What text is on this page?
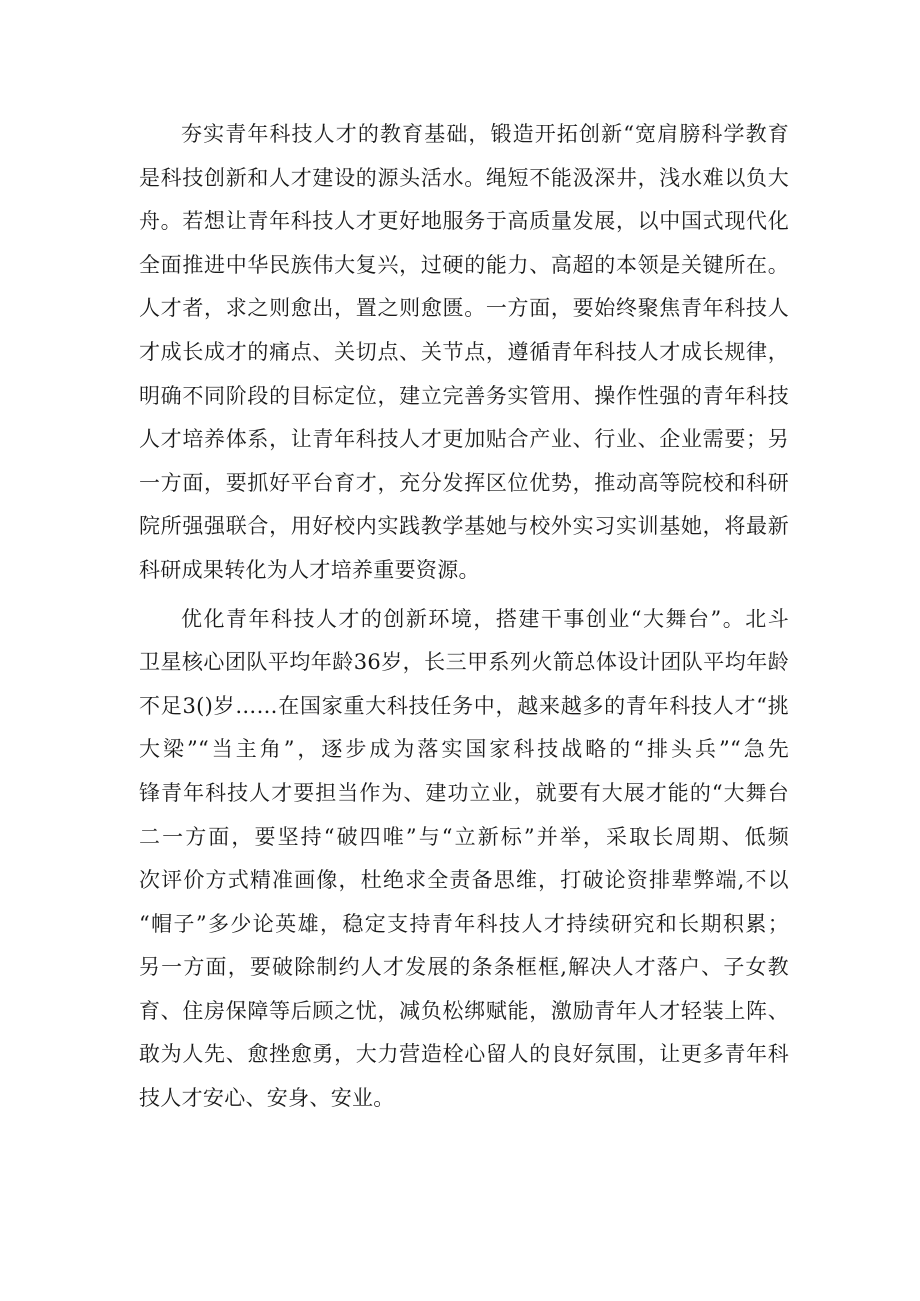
夯实青年科技人才的教育基础，锻造开拓创新“宽肩膀科学教育
是科技创新和人才建设的源头活水。绳短不能汲深井，浅水难以负大
舟。若想让青年科技人才更好地服务于高质量发展，以中国式现代化
全面推进中华民族伟大复兴，过硬的能力、高超的本领是关键所在。
人才者，求之则愈出，置之则愈匮。一方面，要始终聚焦青年科技人
才成长成才的痛点、关切点、关节点，遵循青年科技人才成长规律，
明确不同阶段的目标定位，建立完善务实管用、操作性强的青年科技
人才培养体系，让青年科技人才更加贴合产业、行业、企业需要；另
一方面，要抓好平台育才，充分发挥区位优势，推动高等院校和科研
院所强强联合，用好校内实践教学基她与校外实习实训基她，将最新
科研成果转化为人才培养重要资源。

优化青年科技人才的创新环境，搭建干事创业“大舞台”。北斗
卫星核心团队平均年龄36岁，长三甲系列火箭总体设计团队平均年龄
不足3()岁……在国家重大科技任务中，越来越多的青年科技人才“挑
大梁”“当主角”，逐步成为落实国家科技战略的“排头兵”“急先
锋青年科技人才要担当作为、建功立业，就要有大展才能的“大舞台
二一方面，要坚持“破四唯”与“立新标”并举，采取长周期、低频
次评价方式精准画像，杜绝求全责备思维，打破论资排辈弊端,不以
“帽子”多少论英雄，稳定支持青年科技人才持续研究和长期积累；
另一方面，要破除制约人才发展的条条框框,解决人才落户、子女教
育、住房保障等后顾之忧，减负松绑赋能，激励青年人才轻装上阵、
敢为人先、愈挫愈勇，大力营造栓心留人的良好氛围，让更多青年科
技人才安心、安身、安业。
